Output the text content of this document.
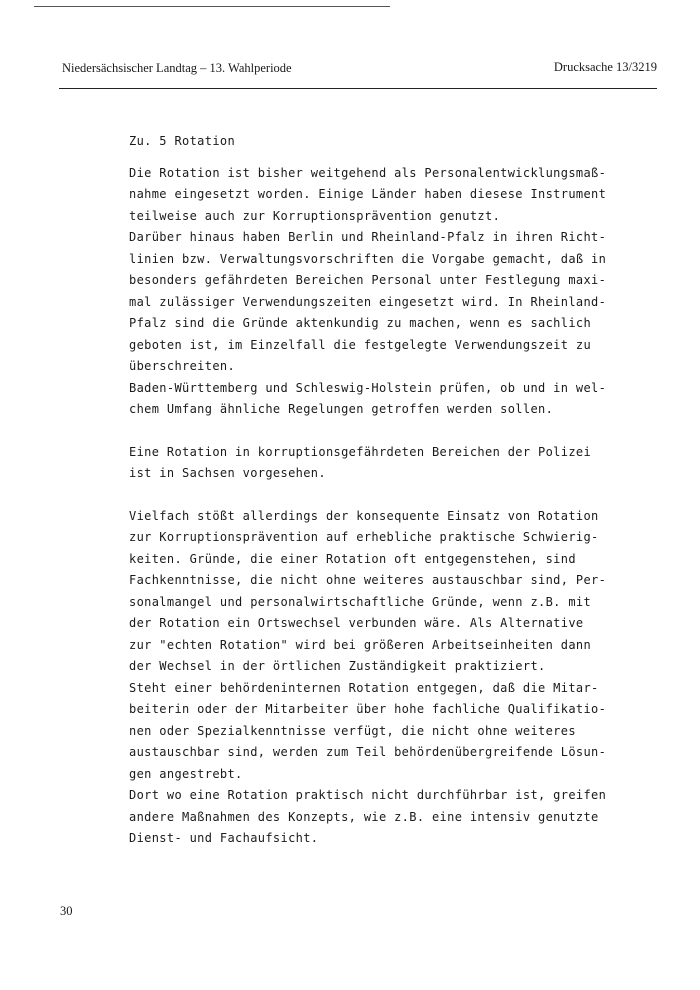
Niedersächsischer Landtag – 13. Wahlperiode	Drucksache 13/3219
Zu. 5 Rotation
Die Rotation ist bisher weitgehend als Personalentwicklungsmaß-
nahme eingesetzt worden. Einige Länder haben diesese Instrument
teilweise auch zur Korruptionsprävention genutzt.
Darüber hinaus haben Berlin und Rheinland-Pfalz in ihren Richt-
linien bzw. Verwaltungsvorschriften die Vorgabe gemacht, daß in
besonders gefährdeten Bereichen Personal unter Festlegung maxi-
mal zulässiger Verwendungszeiten eingesetzt wird. In Rheinland-
Pfalz sind die Gründe aktenkundig zu machen, wenn es sachlich
geboten ist, im Einzelfall die festgelegte Verwendungszeit zu
überschreiten.
Baden-Württemberg und Schleswig-Holstein prüfen, ob und in wel-
chem Umfang ähnliche Regelungen getroffen werden sollen.
Eine Rotation in korruptionsgefährdeten Bereichen der Polizei
ist in Sachsen vorgesehen.
Vielfach stößt allerdings der konsequente Einsatz von Rotation
zur Korruptionsprävention auf erhebliche praktische Schwierig-
keiten. Gründe, die einer Rotation oft entgegenstehen, sind
Fachkenntnisse, die nicht ohne weiteres austauschbar sind, Per-
sonalmangel und personalwirtschaftliche Gründe, wenn z.B. mit
der Rotation ein Ortswechsel verbunden wäre. Als Alternative
zur "echten Rotation" wird bei größeren Arbeitseinheiten dann
der Wechsel in der örtlichen Zuständigkeit praktiziert.
Steht einer behördeninternen Rotation entgegen, daß die Mitar-
beiterin oder der Mitarbeiter über hohe fachliche Qualifikatio-
nen oder Spezialkenntnisse verfügt, die nicht ohne weiteres
austauschbar sind, werden zum Teil behördenübergreifende Lösun-
gen angestrebt.
Dort wo eine Rotation praktisch nicht durchführbar ist, greifen
andere Maßnahmen des Konzepts, wie z.B. eine intensiv genutzte
Dienst- und Fachaufsicht.
30
